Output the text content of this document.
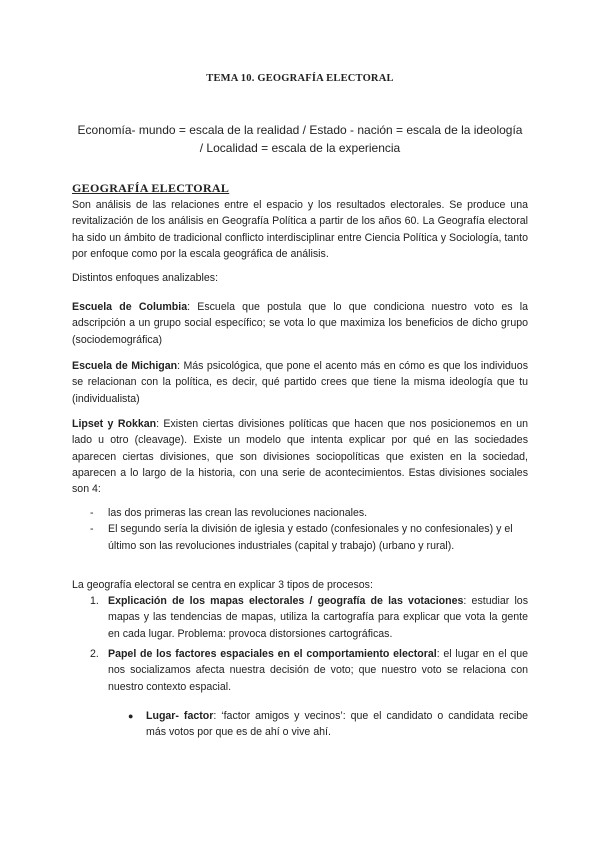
TEMA 10. GEOGRAFÍA ELECTORAL
Economía- mundo = escala de la realidad / Estado - nación = escala de la ideología
/ Localidad = escala de la experiencia
GEOGRAFÍA ELECTORAL

Son análisis de las relaciones entre el espacio y los resultados electorales. Se produce una revitalización de los análisis en Geografía Política a partir de los años 60. La Geografía electoral ha sido un ámbito de tradicional conflicto interdisciplinar entre Ciencia Política y Sociología, tanto por enfoque como por la escala geográfica de análisis.

Distintos enfoques analizables:

Escuela de Columbia: Escuela que postula que lo que condiciona nuestro voto es la adscripción a un grupo social específico; se vota lo que maximiza los beneficios de dicho grupo (sociodemográfica)

Escuela de Michigan: Más psicológica, que pone el acento más en cómo es que los individuos se relacionan con la política, es decir, qué partido crees que tiene la misma ideología que tu (individualista)

Lipset y Rokkan: Existen ciertas divisiones políticas que hacen que nos posicionemos en un lado u otro (cleavage). Existe un modelo que intenta explicar por qué en las sociedades aparecen ciertas divisiones, que son divisiones sociopolíticas que existen en la sociedad, aparecen a lo largo de la historia, con una serie de acontecimientos. Estas divisiones sociales son 4:

- las dos primeras las crean las revoluciones nacionales.
- El segundo sería la división de iglesia y estado (confesionales y no confesionales) y el último son las revoluciones industriales (capital y trabajo) (urbano y rural).

La geografía electoral se centra en explicar 3 tipos de procesos:

1. Explicación de los mapas electorales / geografía de las votaciones: estudiar los mapas y las tendencias de mapas, utiliza la cartografía para explicar que vota la gente en cada lugar. Problema: provoca distorsiones cartográficas.
2. Papel de los factores espaciales en el comportamiento electoral: el lugar en el que nos socializamos afecta nuestra decisión de voto; que nuestro voto se relaciona con nuestro contexto espacial.
● Lugar- factor: ‘factor amigos y vecinos’: que el candidato o candidata recibe más votos por que es de ahí o vive ahí.
